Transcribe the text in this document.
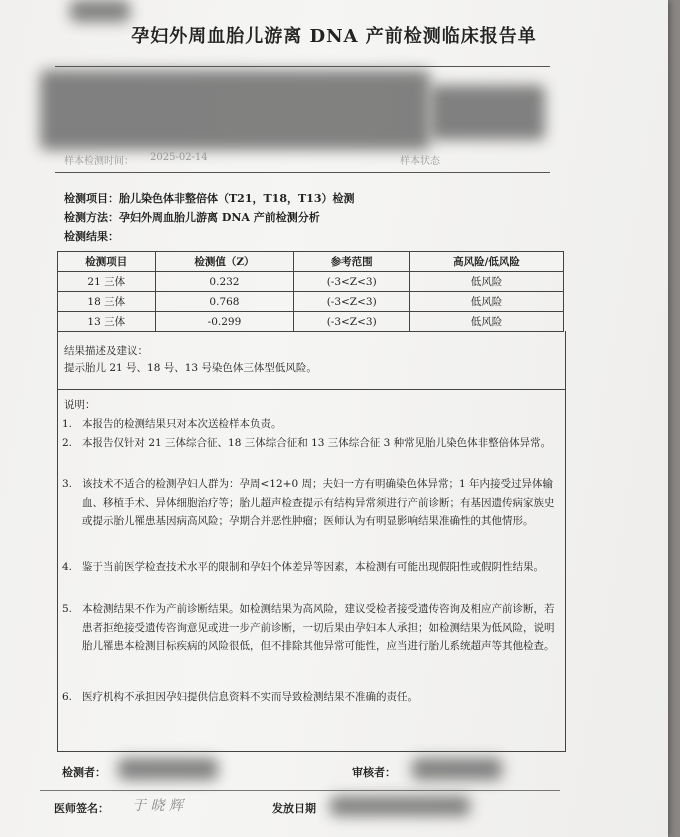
孕妇外周血胎儿游离 DNA 产前检测临床报告单
样本检测时间： 2025-02-14	样本状态
检测项目：胎儿染色体非整倍体（T21，T18，T13）检测
检测方法：孕妇外周血胎儿游离 DNA 产前检测分析
检测结果：
检测项目	检测值（Z）	参考范围	高风险/低风险
21 三体	0.232	(-3<Z<3)	低风险
18 三体	0.768	(-3<Z<3)	低风险
13 三体	-0.299	(-3<Z<3)	低风险
结果描述及建议：
提示胎儿 21 号、18 号、13 号染色体三体型低风险。
说明：
1. 本报告的检测结果只对本次送检样本负责。
2. 本报告仅针对 21 三体综合征、18 三体综合征和 13 三体综合征 3 种常见胎儿染色体非整倍体异常。
3. 该技术不适合的检测孕妇人群为：孕周<12+0 周；夫妇一方有明确染色体异常；1 年内接受过异体输血、移植手术、异体细胞治疗等；胎儿超声检查提示有结构异常须进行产前诊断；有基因遗传病家族史或提示胎儿罹患基因病高风险；孕期合并恶性肿瘤；医师认为有明显影响结果准确性的其他情形。
4. 鉴于当前医学检查技术水平的限制和孕妇个体差异等因素，本检测有可能出现假阳性或假阴性结果。
5. 本检测结果不作为产前诊断结果。如检测结果为高风险，建议受检者接受遗传咨询及相应产前诊断，若患者拒绝接受遗传咨询意见或进一步产前诊断，一切后果由孕妇本人承担；如检测结果为低风险，说明胎儿罹患本检测目标疾病的风险很低，但不排除其他异常可能性，应当进行胎儿系统超声等其他检查。
6. 医疗机构不承担因孕妇提供信息资料不实而导致检测结果不准确的责任。
检测者：	审核者：
医师签名： 于 晓 辉	发放日期
